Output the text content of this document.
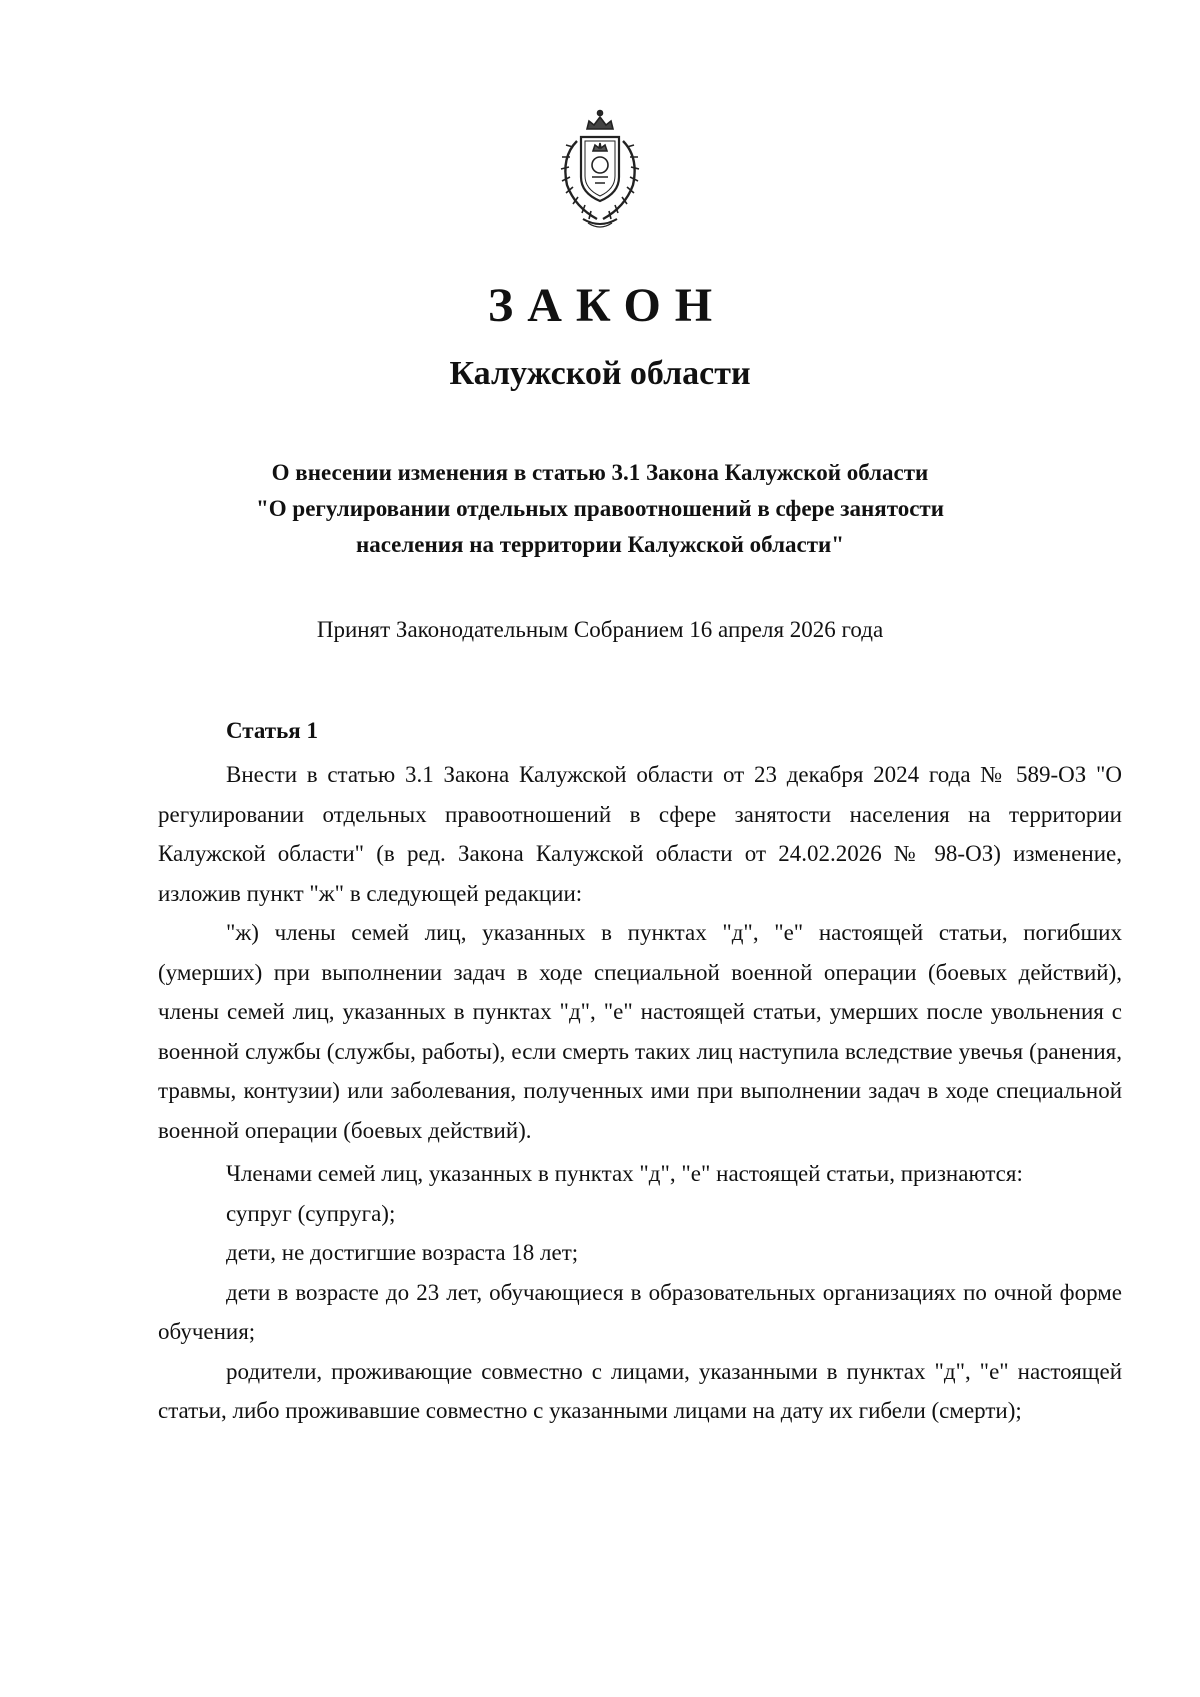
ЗАКОН
Калужской области
О внесении изменения в статью 3.1 Закона Калужской области
"О регулировании отдельных правоотношений в сфере занятости
населения на территории Калужской области"
Принят Законодательным Собранием 16 апреля 2026 года
Статья 1

Внести в статью 3.1 Закона Калужской области от 23 декабря 2024 года № 589-ОЗ "О регулировании отдельных правоотношений в сфере занятости населения на территории Калужской области" (в ред. Закона Калужской области от 24.02.2026 № 98-ОЗ) изменение, изложив пункт "ж" в следующей редакции:

"ж) члены семей лиц, указанных в пунктах "д", "е" настоящей статьи, погибших (умерших) при выполнении задач в ходе специальной военной операции (боевых действий), члены семей лиц, указанных в пунктах "д", "е" настоящей статьи, умерших после увольнения с военной службы (службы, работы), если смерть таких лиц наступила вследствие увечья (ранения, травмы, контузии) или заболевания, полученных ими при выполнении задач в ходе специальной военной операции (боевых действий).

Членами семей лиц, указанных в пунктах "д", "е" настоящей статьи, признаются:

супруг (супруга);

дети, не достигшие возраста 18 лет;

дети в возрасте до 23 лет, обучающиеся в образовательных организациях по очной форме обучения;

родители, проживающие совместно с лицами, указанными в пунктах "д", "е" настоящей статьи, либо проживавшие совместно с указанными лицами на дату их гибели (смерти);
